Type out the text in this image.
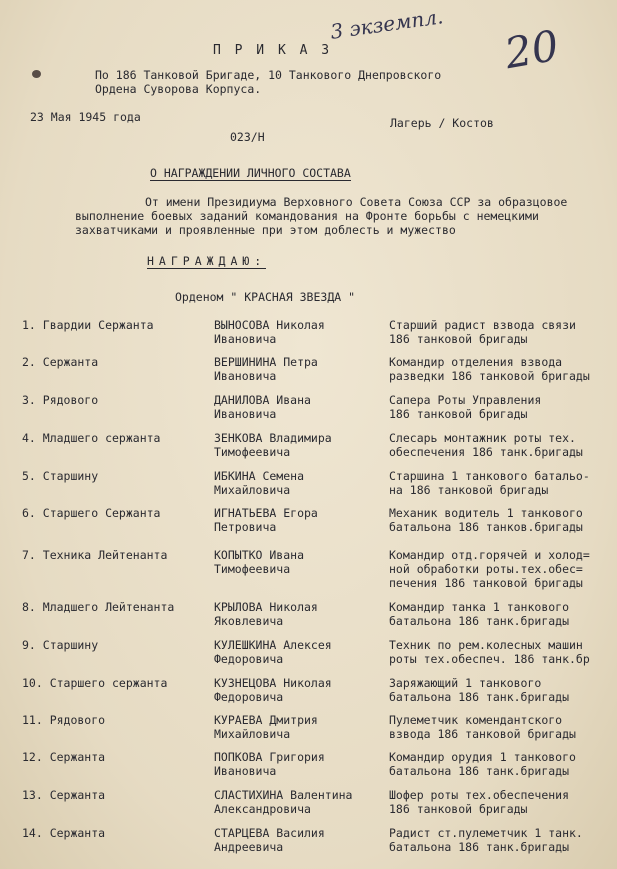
3 экземпл. 20
П Р И К А З
По 186 Танковой Бригаде, 10 Танкового Днепровского
Ордена Суворова Корпуса.
23 Мая 1945 года	Лагерь / Костов
023/Н
О НАГРАЖДЕНИИ ЛИЧНОГО СОСТАВА
От имени Президиума Верховного Совета Союза ССР за образцовое
выполнение боевых заданий командования на Фронте борьбы с немецкими
захватчиками и проявленные при этом доблесть и мужество
НАГРАЖДАЮ:
Орденом " КРАСНАЯ ЗВЕЗДА "
1. Гвардии Сержанта	ВЫНОСОВА Николая
Ивановича
Старший радист взвода связи
186 танковой бригады
2. Сержанта	ВЕРШИНИНА Петра
Ивановича
Командир отделения взвода
разведки 186 танковой бригады
3. Рядового	ДАНИЛОВА Ивана
Ивановича
Сапера Роты Управления
186 танковой бригады
4. Младшего сержанта	ЗЕНКОВА Владимира
Тимофеевича
Слесарь монтажник роты тех.
обеспечения 186 танк.бригады
5. Старшину	ИБКИНА Семена
Михайловича
Старшина 1 танкового батальо-
на 186 танковой бригады
6. Старшего Сержанта	ИГНАТЬЕВА Егора
Петровича
Механик водитель 1 танкового
батальона 186 танков.бригады
7. Техника Лейтенанта	КОПЫТКО Ивана
Тимофеевича
Командир отд.горячей и холод=
ной обработки роты.тех.обес=
печения 186 танковой бригады
8. Младшего Лейтенанта	КРЫЛОВА Николая
Яковлевича
Командир танка 1 танкового
батальона 186 танк.бригады
9. Старшину	КУЛЕШКИНА Алексея
Федоровича
Техник по рем.колесных машин
роты тех.обеспеч. 186 танк.бр
10. Старшего сержанта	КУЗНЕЦОВА Николая
Федоровича
Заряжающий 1 танкового
батальона 186 танк.бригады
11. Рядового	КУРАЕВА Дмитрия
Михайловича
Пулеметчик комендантского
взвода 186 танковой бригады
12. Сержанта	ПОПКОВА Григория
Ивановича
Командир орудия 1 танкового
батальона 186 танк.бригады
13. Сержанта	СЛАСТИХИНА Валентина
Александровича
Шофер роты тех.обеспечения
186 танковой бригады
14. Сержанта	СТАРЦЕВА Василия
Андреевича
Радист ст.пулеметчик 1 танк.
батальона 186 танк.бригады
